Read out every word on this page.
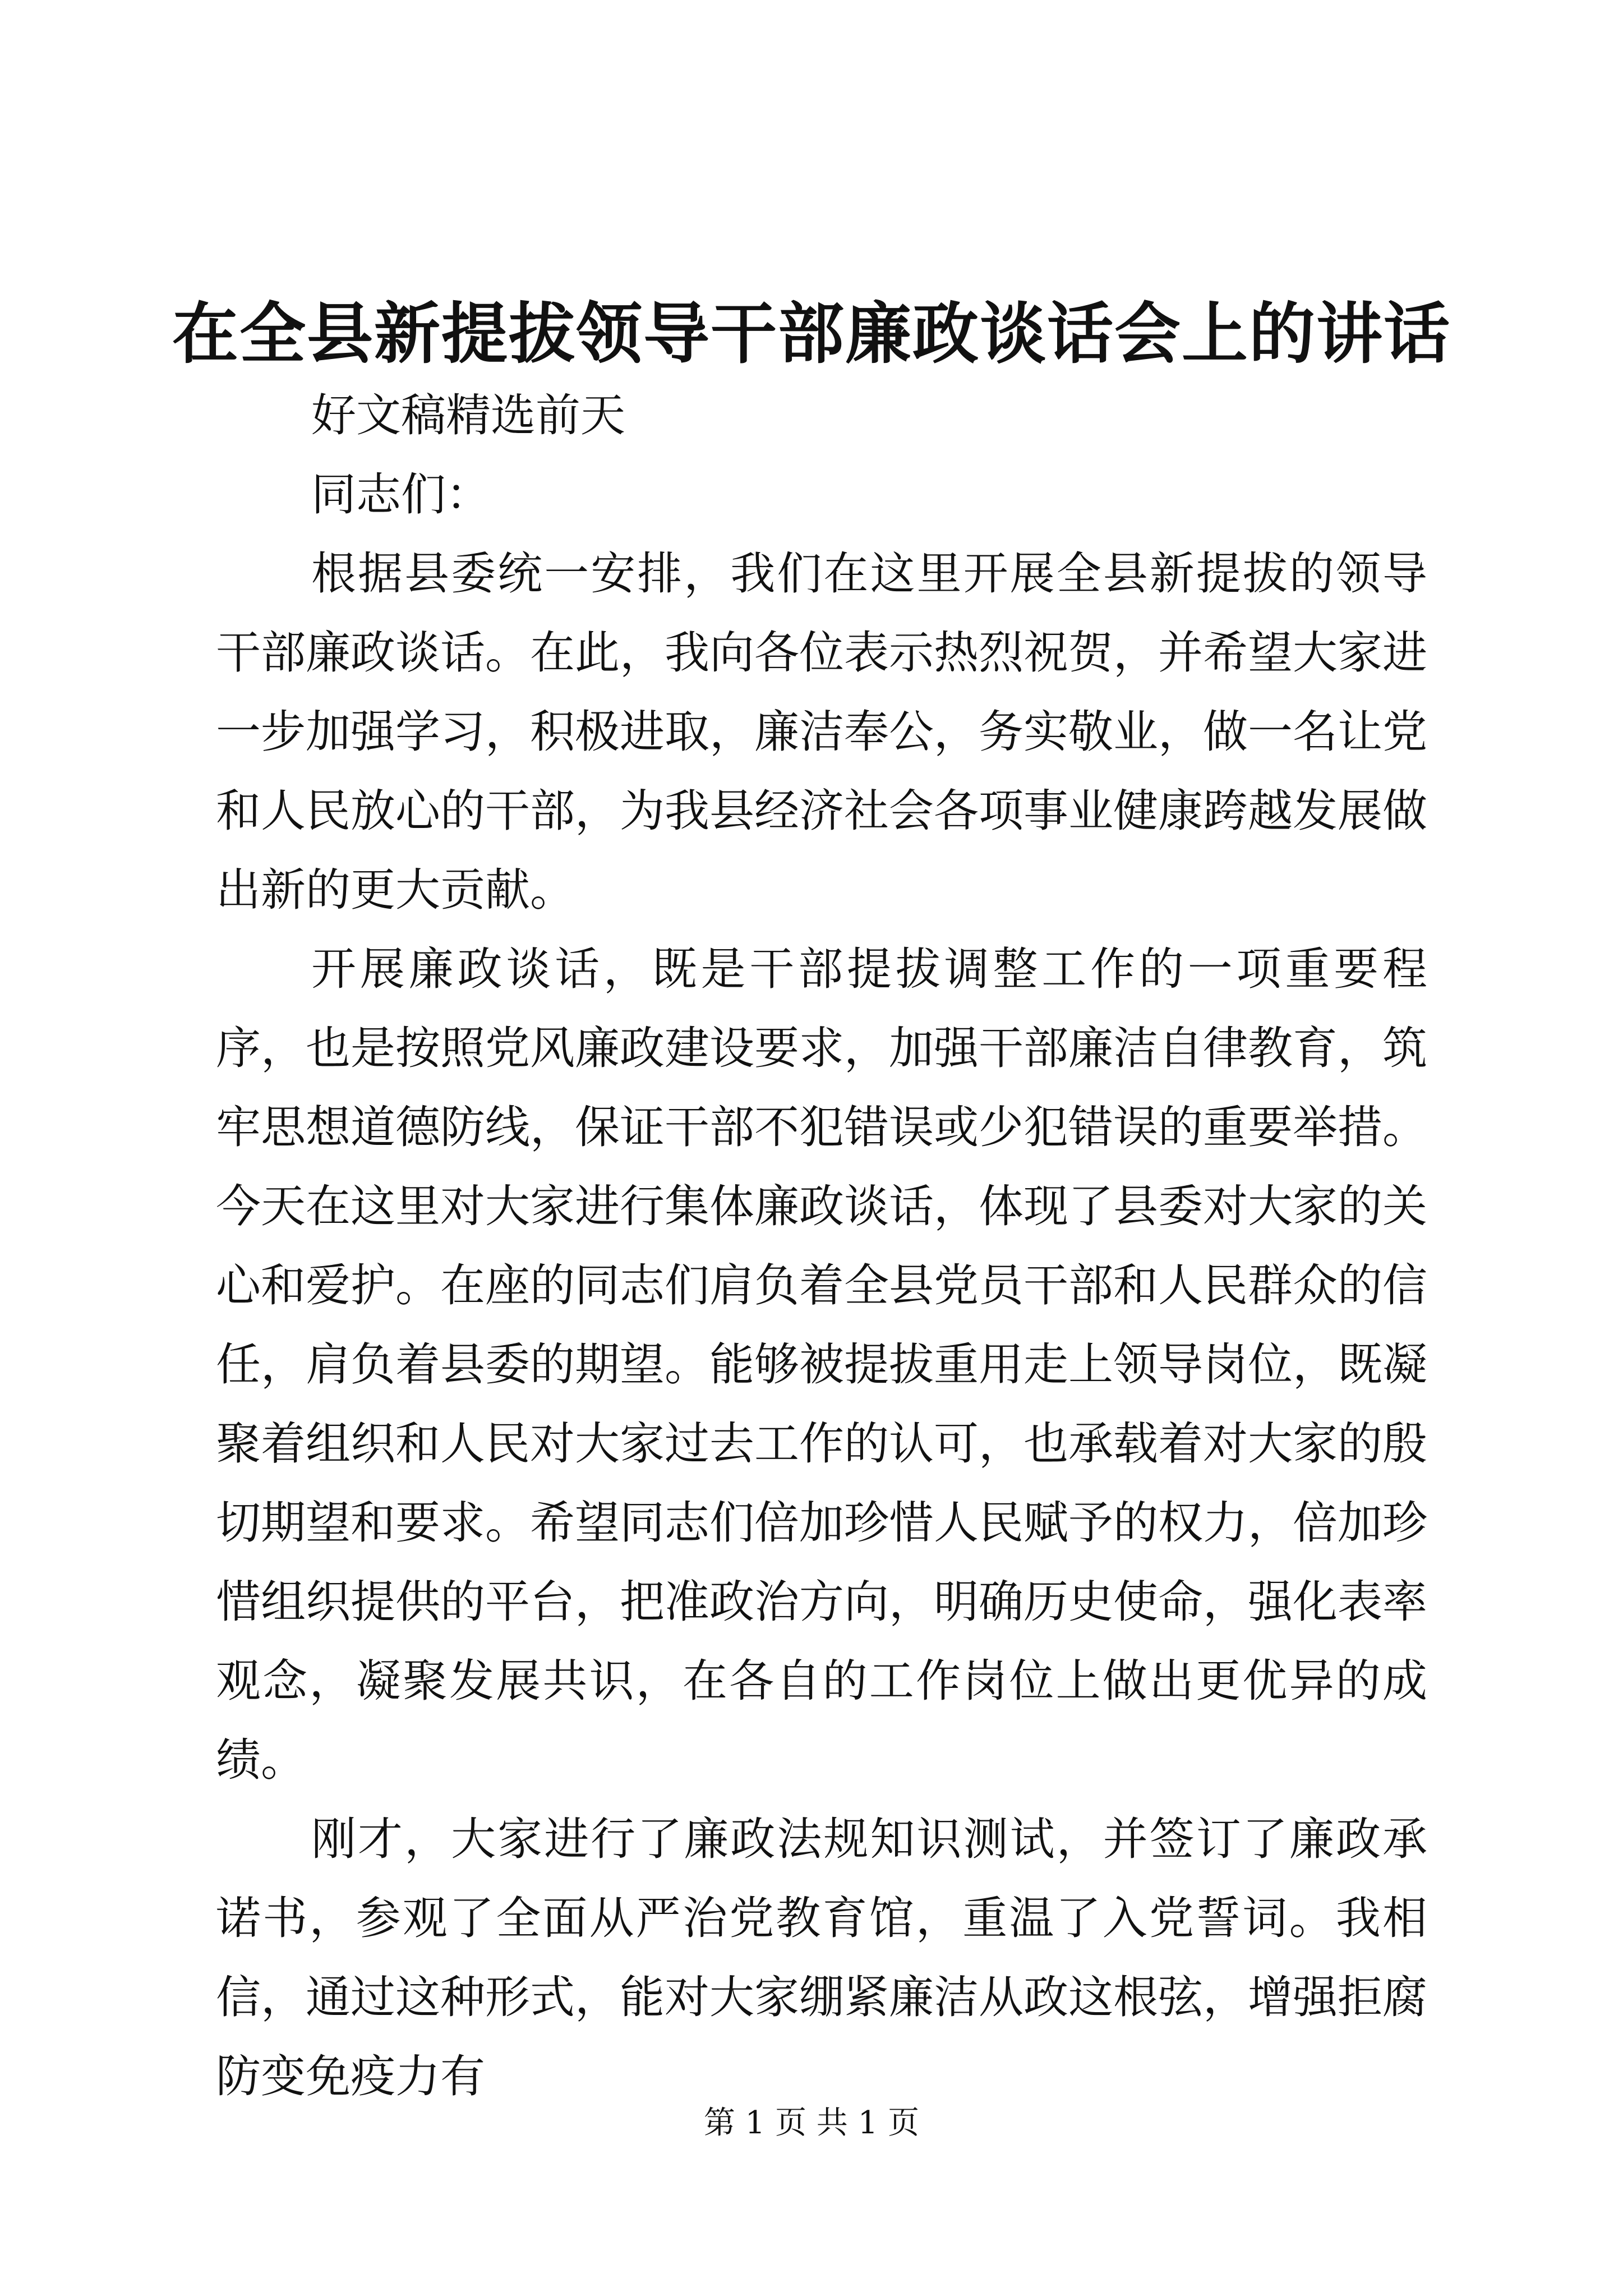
在全县新提拔领导干部廉政谈话会上的讲话

好文稿精选前天

同志们：

根据县委统一安排，我们在这里开展全县新提拔的领导干部廉政谈话。在此，我向各位表示热烈祝贺，并希望大家进一步加强学习，积极进取，廉洁奉公，务实敬业，做一名让党和人民放心的干部，为我县经济社会各项事业健康跨越发展做出新的更大贡献。

开展廉政谈话，既是干部提拔调整工作的一项重要程序，也是按照党风廉政建设要求，加强干部廉洁自律教育，筑牢思想道德防线，保证干部不犯错误或少犯错误的重要举措。今天在这里对大家进行集体廉政谈话，体现了县委对大家的关心和爱护。在座的同志们肩负着全县党员干部和人民群众的信任，肩负着县委的期望。能够被提拔重用走上领导岗位，既凝聚着组织和人民对大家过去工作的认可，也承载着对大家的殷切期望和要求。希望同志们倍加珍惜人民赋予的权力，倍加珍惜组织提供的平台，把准政治方向，明确历史使命，强化表率观念，凝聚发展共识，在各自的工作岗位上做出更优异的成绩。

刚才，大家进行了廉政法规知识测试，并签订了廉政承诺书，参观了全面从严治党教育馆，重温了入党誓词。我相信，通过这种形式，能对大家绷紧廉洁从政这根弦，增强拒腐防变免疫力有

第 1 页 共 1 页
